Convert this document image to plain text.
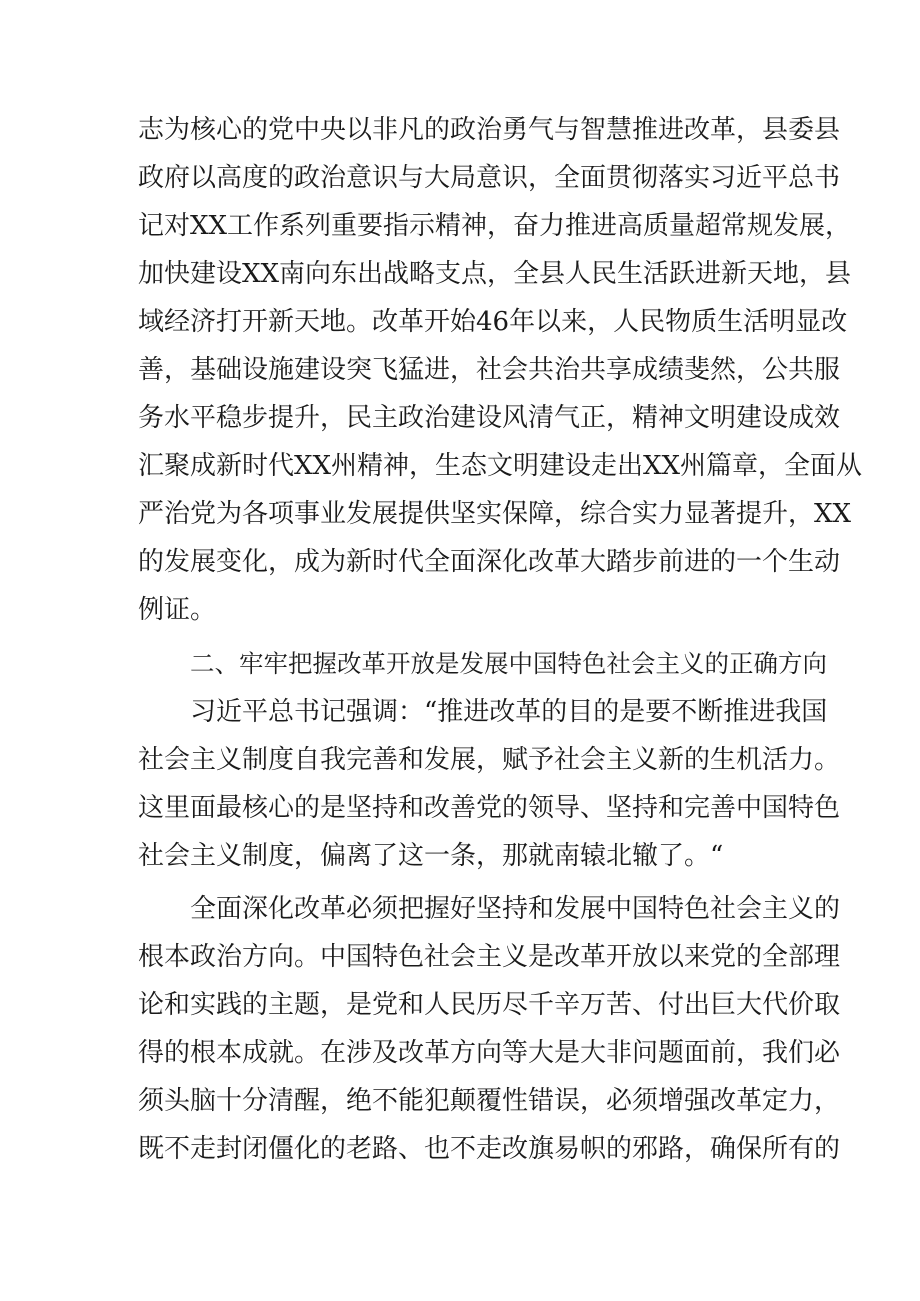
志为核心的党中央以非凡的政治勇气与智慧推进改革，县委县
政府以高度的政治意识与大局意识，全面贯彻落实习近平总书
记对XX工作系列重要指示精神，奋力推进高质量超常规发展，
加快建设XX南向东出战略支点，全县人民生活跃进新天地，县
域经济打开新天地。改革开始46年以来，人民物质生活明显改
善，基础设施建设突飞猛进，社会共治共享成绩斐然，公共服
务水平稳步提升，民主政治建设风清气正，精神文明建设成效
汇聚成新时代XX州精神，生态文明建设走出XX州篇章，全面从
严治党为各项事业发展提供坚实保障，综合实力显著提升，XX
的发展变化，成为新时代全面深化改革大踏步前进的一个生动
例证。
二、牢牢把握改革开放是发展中国特色社会主义的正确方向
习近平总书记强调：“推进改革的目的是要不断推进我国
社会主义制度自我完善和发展，赋予社会主义新的生机活力。
这里面最核心的是坚持和改善党的领导、坚持和完善中国特色
社会主义制度，偏离了这一条，那就南辕北辙了。“
全面深化改革必须把握好坚持和发展中国特色社会主义的
根本政治方向。中国特色社会主义是改革开放以来党的全部理
论和实践的主题，是党和人民历尽千辛万苦、付出巨大代价取
得的根本成就。在涉及改革方向等大是大非问题面前，我们必
须头脑十分清醒，绝不能犯颠覆性错误，必须增强改革定力，
既不走封闭僵化的老路、也不走改旗易帜的邪路，确保所有的
